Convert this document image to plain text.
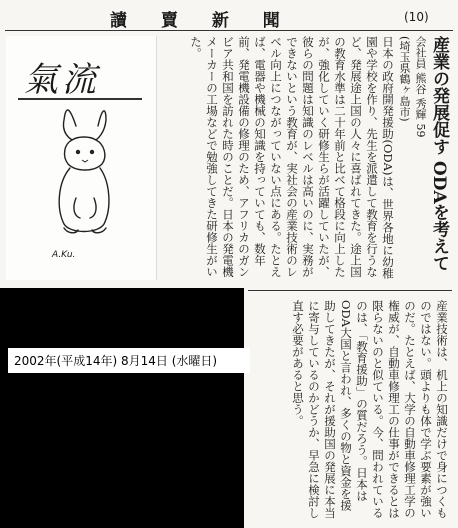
讀 賣 新 聞	(10)
氣流
A.Ku.	産業の発展促す ODAを考えて
会社員 熊谷 秀輝 59
(埼玉県鶴ヶ島市)
日本の政府開発援助(ODA)は、世界各地に幼稚園や学校を作り、先生を派遣して教育を行うなど、発展途上国の人々に喜ばれてきた。途上国の教育水準は二十年前と比べて格段に向上したが、強化していく研修生らが活躍していたが、彼らの問題は知識のレベルは高いのに、実務ができないという教育が、実社会の産業技術のレベル向上につながっていない点にある。たとえば、電器や機械の知識を持っていても、数年前、発電機設備の修理のため、アフリカのガンビア共和国を訪れた時のことだ。日本の発電機メーカーの工場などで勉強してきた研修生がいた。
産業技術は、机上の知識だけで身につくものではない。頭よりも体で学ぶ要素が強いのだ。たとえば、大学の自動車修理工学の権威が、自動車修理工の仕事ができるとは限らないのと似ている。今、問われているのは、「教育援助」の質だろう。日本はODA大国と言われ、多くの物と資金を援助してきたが、それが援助国の発展に本当に寄与しているのかどうか、早急に検討し直す必要があると思う。
2002年(平成14年) 8月14日 (水曜日)
